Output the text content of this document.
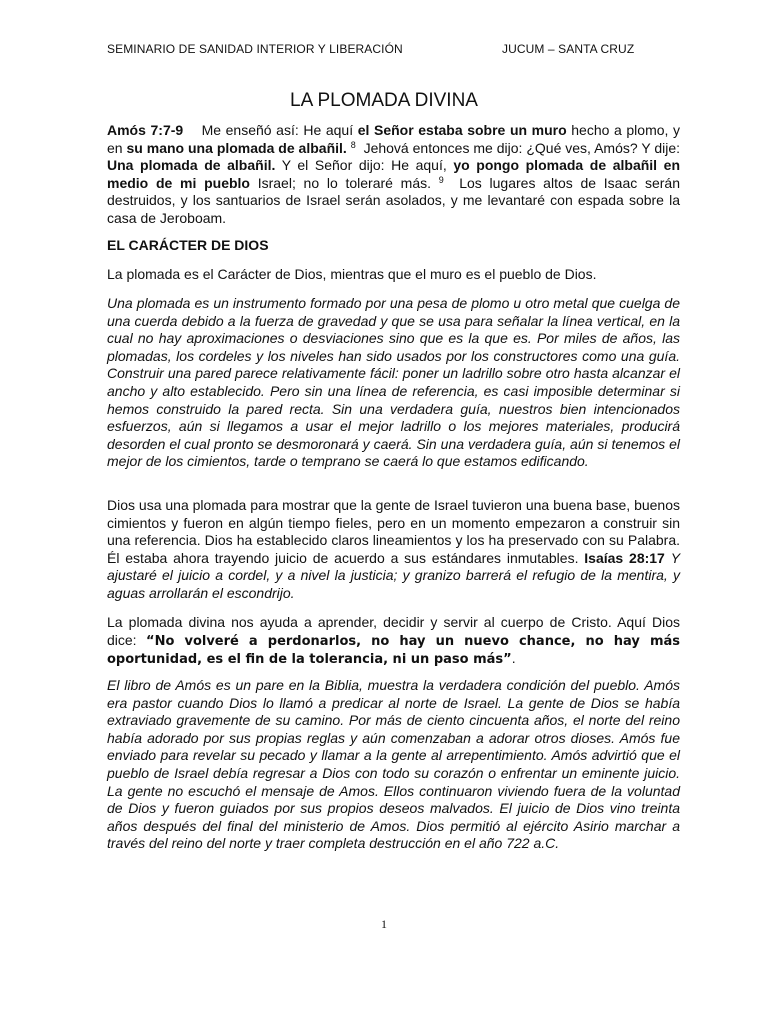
SEMINARIO DE SANIDAD INTERIOR Y LIBERACIÓN	JUCUM – SANTA CRUZ
LA PLOMADA DIVINA
Amós 7:7-9 Me enseñó así: He aquí el Señor estaba sobre un muro hecho a plomo, y en su mano una plomada de albañil. $^8$ Jehová entonces me dijo: ¿Qué ves, Amós? Y dije: Una plomada de albañil. Y el Señor dijo: He aquí, yo pongo plomada de albañil en medio de mi pueblo Israel; no lo toleraré más. $^9$ Los lugares altos de Isaac serán destruidos, y los santuarios de Israel serán asolados, y me levantaré con espada sobre la casa de Jeroboam.
EL CARÁCTER DE DIOS
La plomada es el Carácter de Dios, mientras que el muro es el pueblo de Dios.
Una plomada es un instrumento formado por una pesa de plomo u otro metal que cuelga de una cuerda debido a la fuerza de gravedad y que se usa para señalar la línea vertical, en la cual no hay aproximaciones o desviaciones sino que es la que es. Por miles de años, las plomadas, los cordeles y los niveles han sido usados por los constructores como una guía. Construir una pared parece relativamente fácil: poner un ladrillo sobre otro hasta alcanzar el ancho y alto establecido. Pero sin una línea de referencia, es casi imposible determinar si hemos construido la pared recta. Sin una verdadera guía, nuestros bien intencionados esfuerzos, aún si llegamos a usar el mejor ladrillo o los mejores materiales, producirá desorden el cual pronto se desmoronará y caerá. Sin una verdadera guía, aún si tenemos el mejor de los cimientos, tarde o temprano se caerá lo que estamos edificando.
Dios usa una plomada para mostrar que la gente de Israel tuvieron una buena base, buenos cimientos y fueron en algún tiempo fieles, pero en un momento empezaron a construir sin una referencia. Dios ha establecido claros lineamientos y los ha preservado con su Palabra. Él estaba ahora trayendo juicio de acuerdo a sus estándares inmutables. Isaías 28:17 Y ajustaré el juicio a cordel, y a nivel la justicia; y granizo barrerá el refugio de la mentira, y aguas arrollarán el escondrijo.
La plomada divina nos ayuda a aprender, decidir y servir al cuerpo de Cristo. Aquí Dios dice: “No volveré a perdonarlos, no hay un nuevo chance, no hay más oportunidad, es el fin de la tolerancia, ni un paso más”.
El libro de Amós es un pare en la Biblia, muestra la verdadera condición del pueblo. Amós era pastor cuando Dios lo llamó a predicar al norte de Israel. La gente de Dios se había extraviado gravemente de su camino. Por más de ciento cincuenta años, el norte del reino había adorado por sus propias reglas y aún comenzaban a adorar otros dioses. Amós fue enviado para revelar su pecado y llamar a la gente al arrepentimiento. Amós advirtió que el pueblo de Israel debía regresar a Dios con todo su corazón o enfrentar un eminente juicio. La gente no escuchó el mensaje de Amos. Ellos continuaron viviendo fuera de la voluntad de Dios y fueron guiados por sus propios deseos malvados. El juicio de Dios vino treinta años después del final del ministerio de Amos. Dios permitió al ejército Asirio marchar a través del reino del norte y traer completa destrucción en el año 722 a.C.
1
